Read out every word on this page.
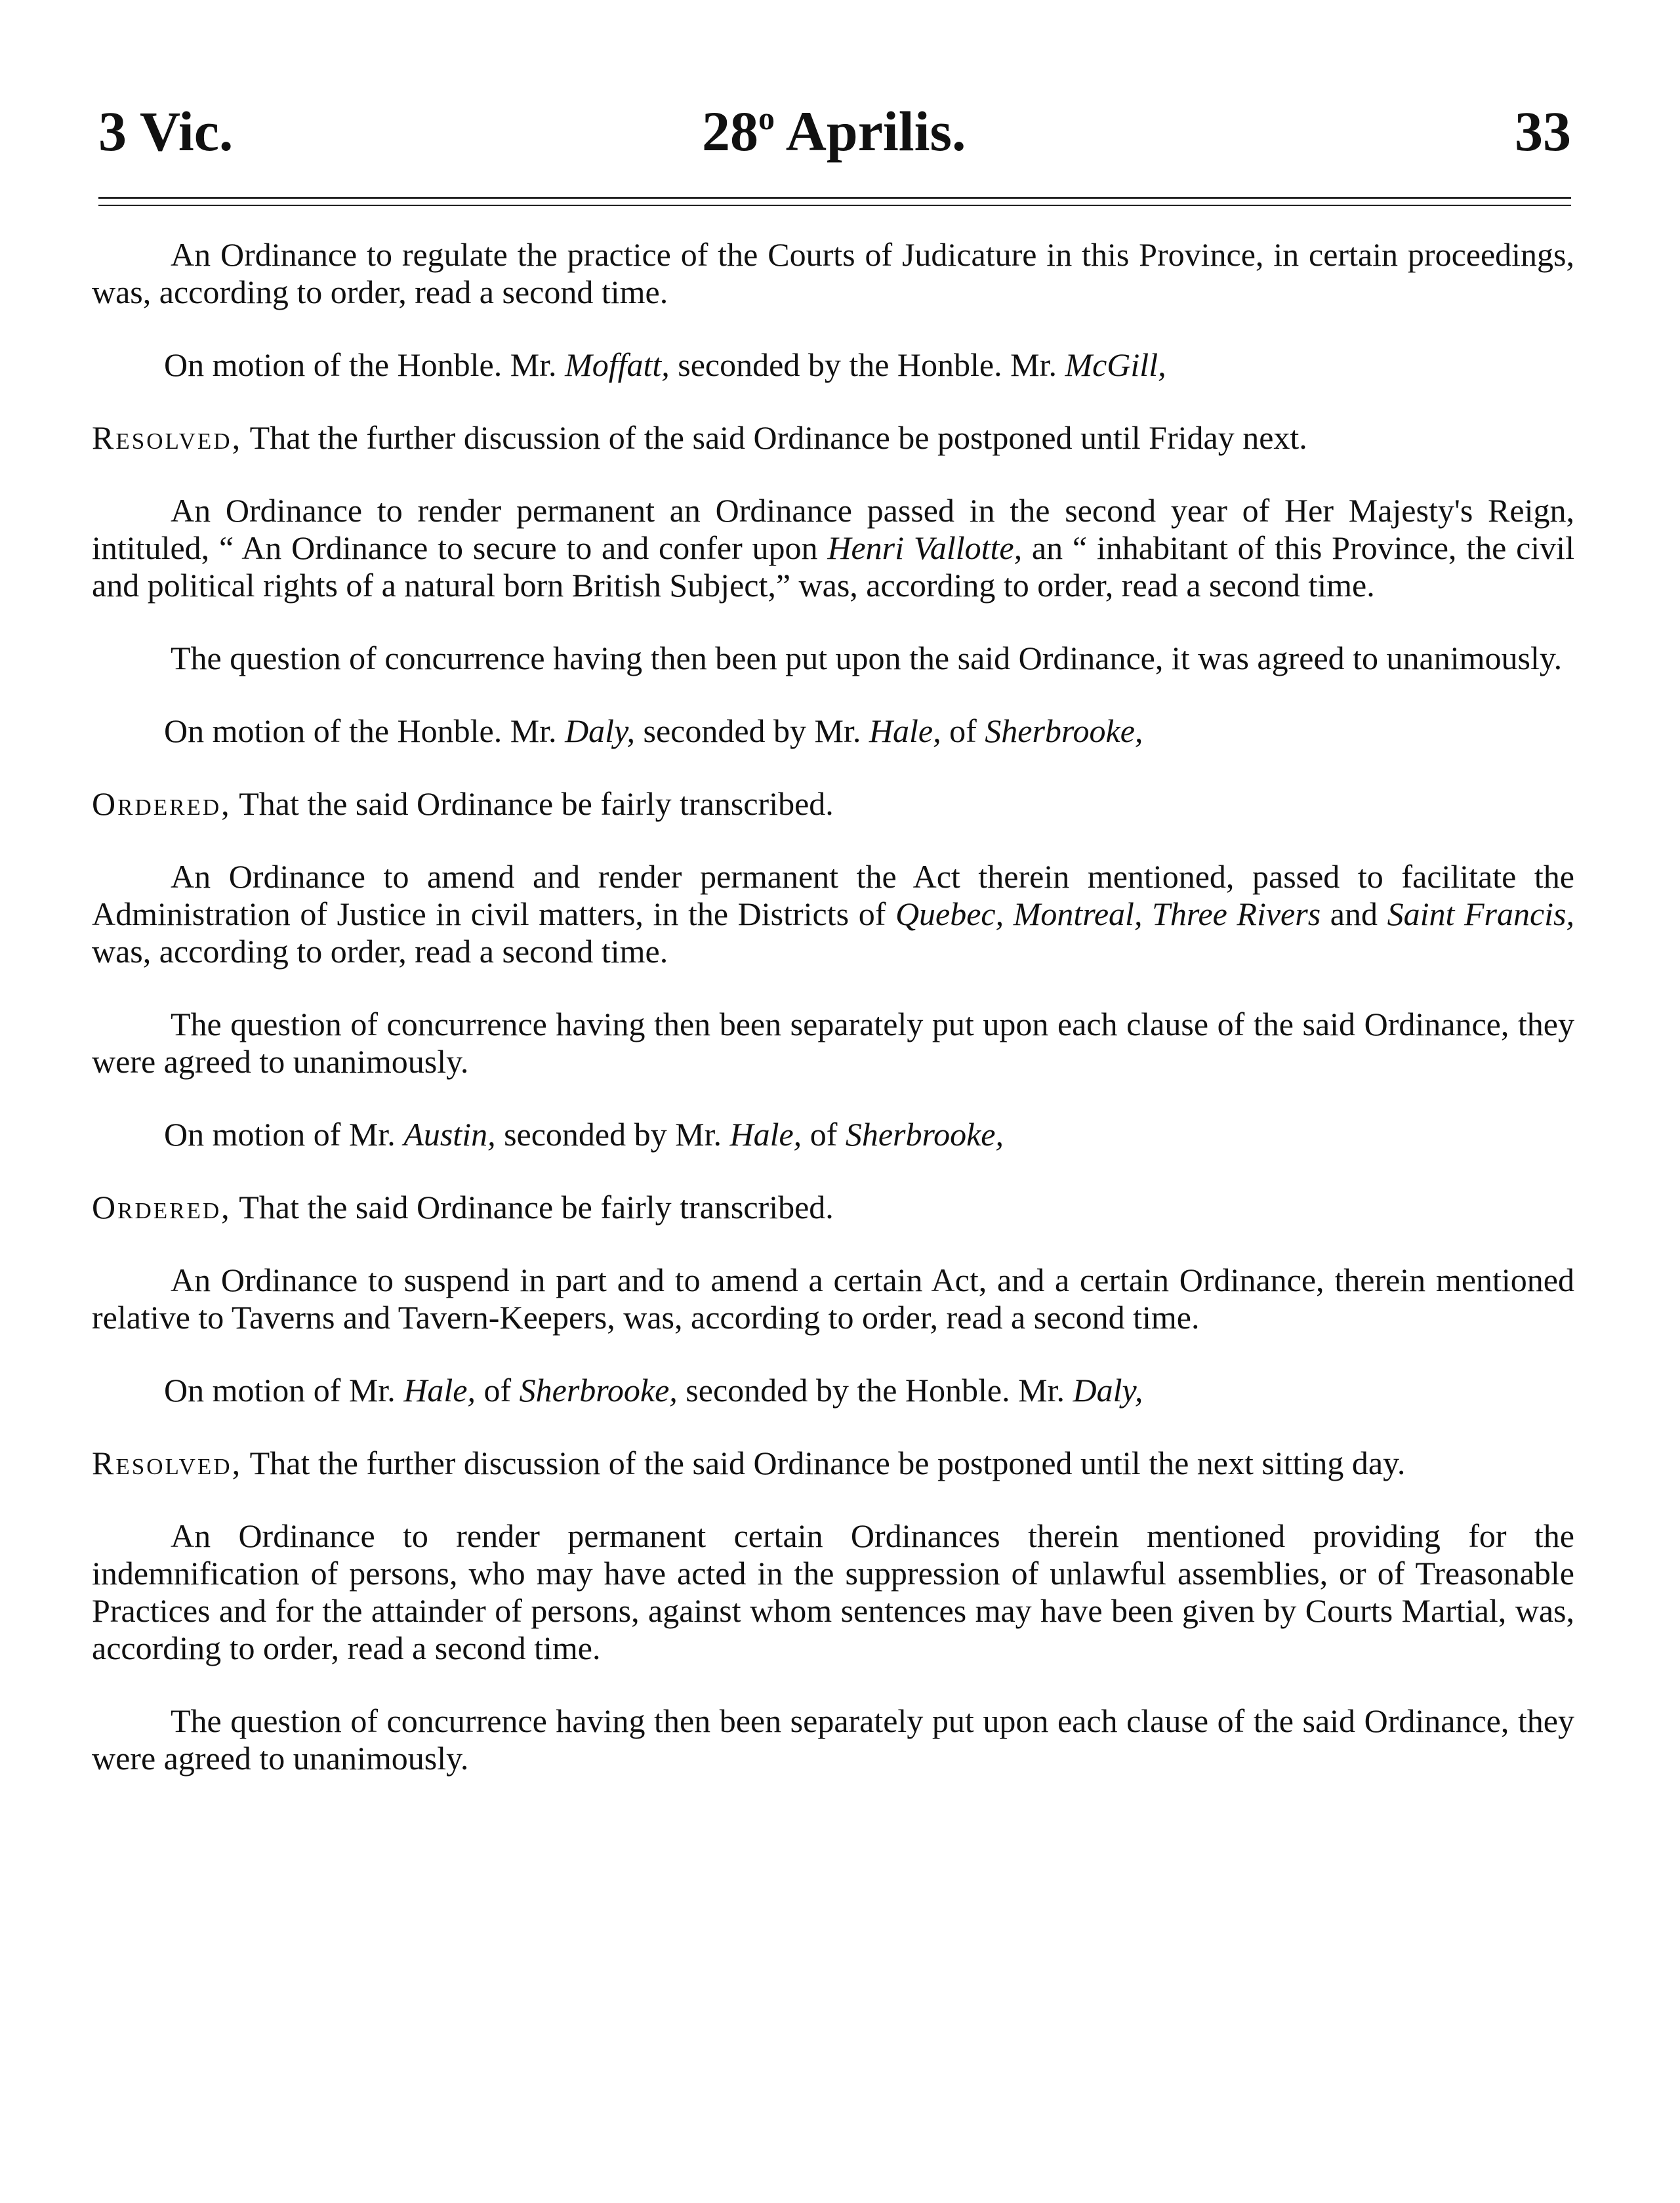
3 Vic.	28$^o$ Aprilis.	33

An Ordinance to regulate the practice of the Courts of Judicature in this Province, in certain proceedings, was, according to order, read a second time.

On motion of the Honble. Mr. Moffatt, seconded by the Honble. Mr. McGill,

Resolved, That the further discussion of the said Ordinance be postponed until Friday next.

An Ordinance to render permanent an Ordinance passed in the second year of Her Majesty's Reign, intituled, “ An Ordinance to secure to and confer upon Henri Vallotte, an “ inhabitant of this Province, the civil and political rights of a natural born British Subject,” was, according to order, read a second time.

The question of concurrence having then been put upon the said Ordinance, it was agreed to unanimously.

On motion of the Honble. Mr. Daly, seconded by Mr. Hale, of Sherbrooke,

Ordered, That the said Ordinance be fairly transcribed.

An Ordinance to amend and render permanent the Act therein mentioned, passed to facilitate the Administration of Justice in civil matters, in the Districts of Quebec, Montreal, Three Rivers and Saint Francis, was, according to order, read a second time.

The question of concurrence having then been separately put upon each clause of the said Ordinance, they were agreed to unanimously.

On motion of Mr. Austin, seconded by Mr. Hale, of Sherbrooke,

Ordered, That the said Ordinance be fairly transcribed.

An Ordinance to suspend in part and to amend a certain Act, and a certain Ordinance, therein mentioned relative to Taverns and Tavern-Keepers, was, according to order, read a second time.

On motion of Mr. Hale, of Sherbrooke, seconded by the Honble. Mr. Daly,

Resolved, That the further discussion of the said Ordinance be postponed until the next sitting day.

An Ordinance to render permanent certain Ordinances therein mentioned providing for the indemnification of persons, who may have acted in the suppression of unlawful assemblies, or of Treasonable Practices and for the attainder of persons, against whom sentences may have been given by Courts Martial, was, according to order, read a second time.

The question of concurrence having then been separately put upon each clause of the said Ordinance, they were agreed to unanimously.
